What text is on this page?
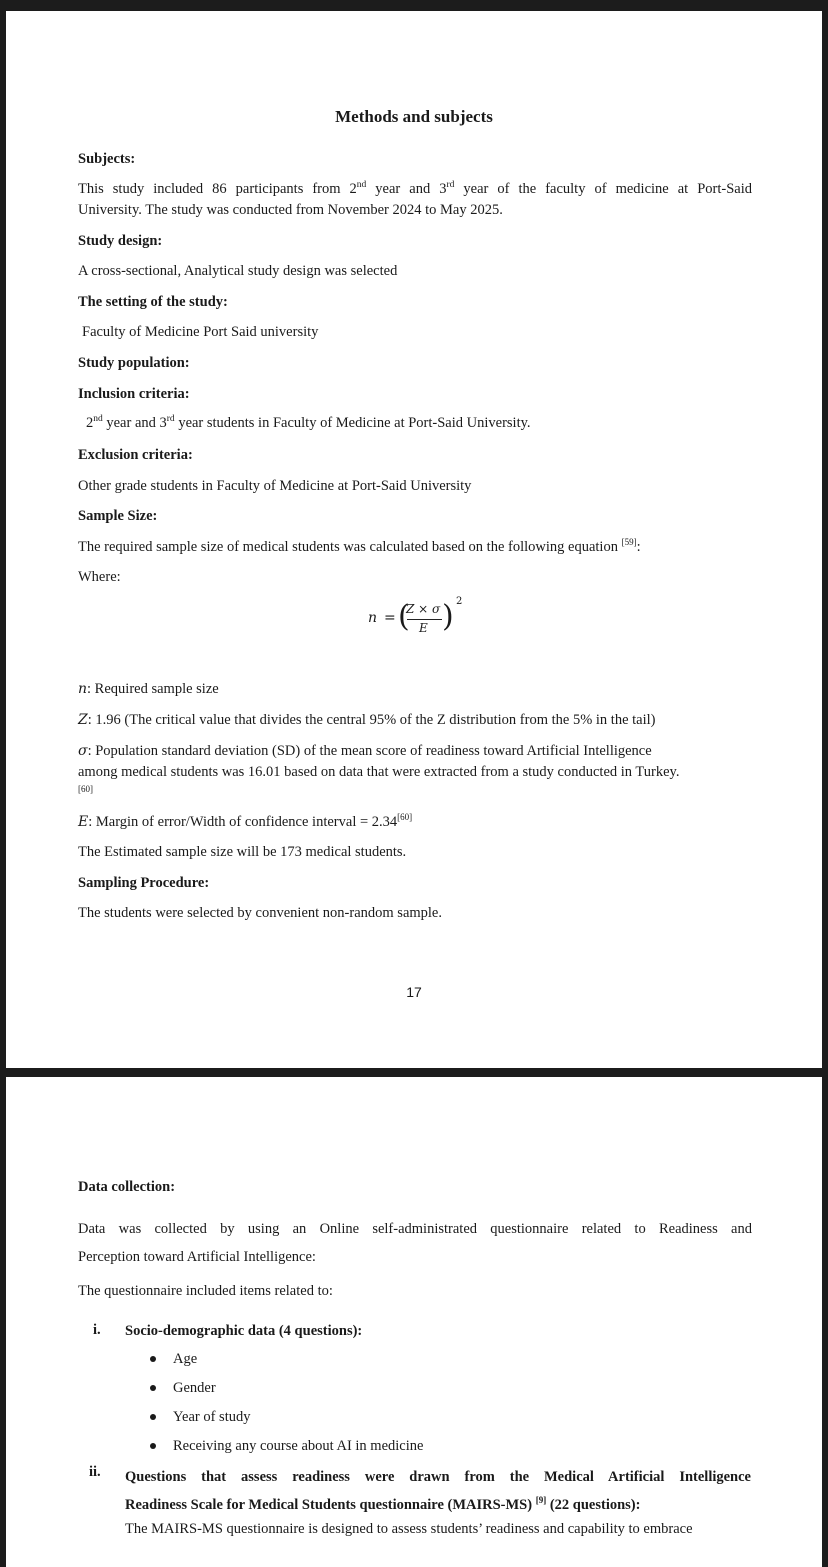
Methods and subjects
Subjects:
This study included 86 participants from 2nd year and 3rd year of the faculty of medicine at Port-Said
University. The study was conducted from November 2024 to May 2025.
Study design:
A cross-sectional, Analytical study design was selected
The setting of the study:
Faculty of Medicine Port Said university
Study population:
Inclusion criteria:
2nd year and 3rd year students in Faculty of Medicine at Port-Said University.
Exclusion criteria:
Other grade students in Faculty of Medicine at Port-Said University
Sample Size:
The required sample size of medical students was calculated based on the following equation [59]:
Where:
n = (
Z × σ
E ) 2
n: Required sample size
Z: 1.96 (The critical value that divides the central 95% of the Z distribution from the 5% in the tail)
σ: Population standard deviation (SD) of the mean score of readiness toward Artificial Intelligence
among medical students was 16.01 based on data that were extracted from a study conducted in Turkey.
[60]
E: Margin of error/Width of confidence interval = 2.34[60]
The Estimated sample size will be 173 medical students.
Sampling Procedure:
The students were selected by convenient non-random sample.
17
Data collection:
Data was collected by using an Online self-administrated questionnaire related to Readiness and
Perception toward Artificial Intelligence:
The questionnaire included items related to:
i. Socio-demographic data (4 questions):
Age
Gender
Year of study
Receiving any course about AI in medicine
ii. Questions that assess readiness were drawn from the Medical Artificial Intelligence
Readiness Scale for Medical Students questionnaire (MAIRS-MS) [9] (22 questions):
The MAIRS-MS questionnaire is designed to assess students’ readiness and capability to embrace
